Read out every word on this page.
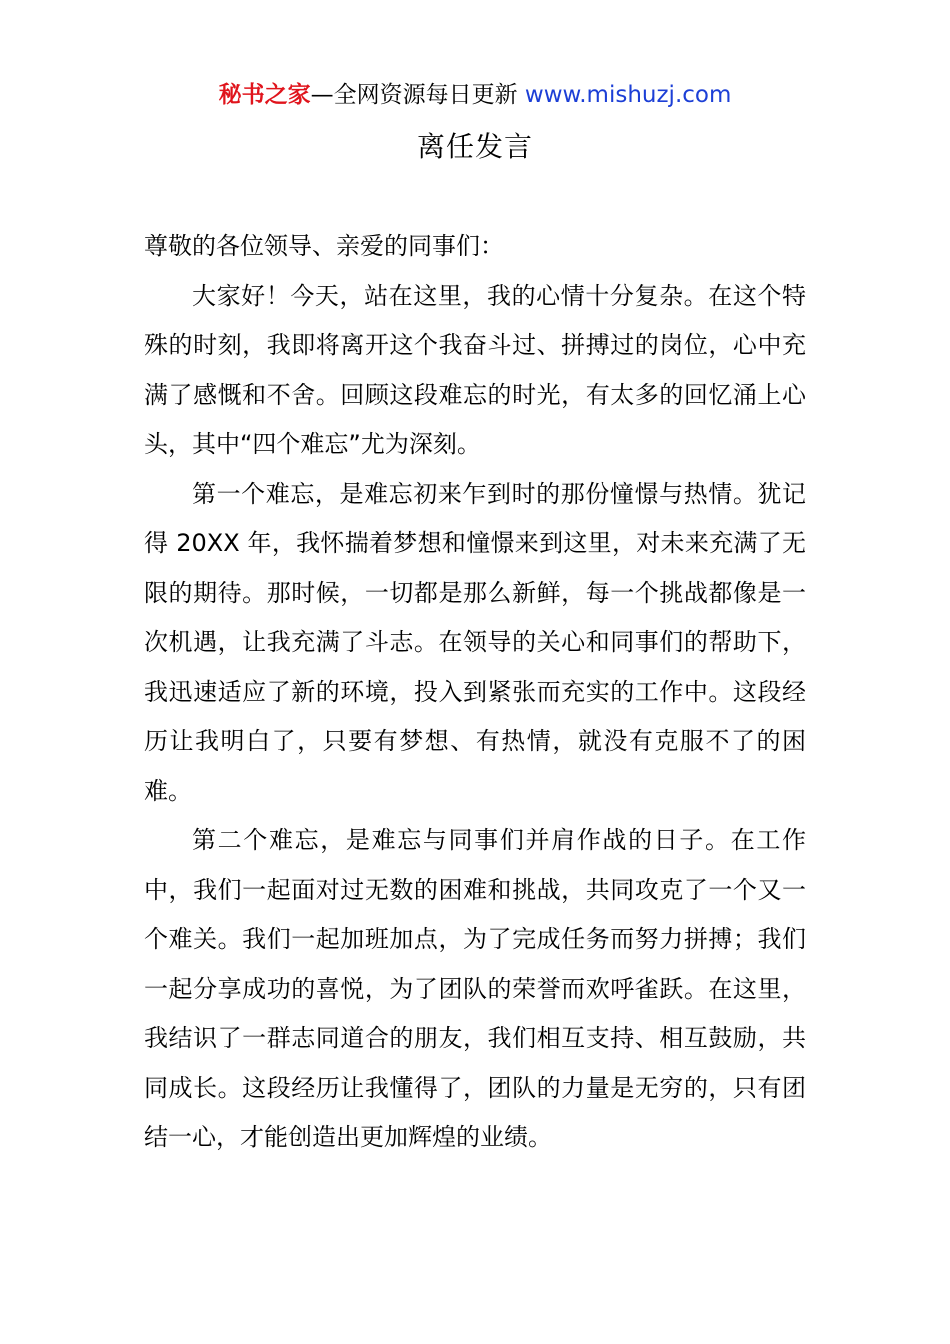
秘书之家—全网资源每日更新 www.mishuzj.com
离任发言

尊敬的各位领导、亲爱的同事们：

大家好！今天，站在这里，我的心情十分复杂。在这个特殊的时刻，我即将离开这个我奋斗过、拼搏过的岗位，心中充满了感慨和不舍。回顾这段难忘的时光，有太多的回忆涌上心头，其中“四个难忘”尤为深刻。

第一个难忘，是难忘初来乍到时的那份憧憬与热情。犹记得 20XX 年，我怀揣着梦想和憧憬来到这里，对未来充满了无限的期待。那时候，一切都是那么新鲜，每一个挑战都像是一次机遇，让我充满了斗志。在领导的关心和同事们的帮助下，我迅速适应了新的环境，投入到紧张而充实的工作中。这段经历让我明白了，只要有梦想、有热情，就没有克服不了的困难。

第二个难忘，是难忘与同事们并肩作战的日子。在工作中，我们一起面对过无数的困难和挑战，共同攻克了一个又一个难关。我们一起加班加点，为了完成任务而努力拼搏；我们一起分享成功的喜悦，为了团队的荣誉而欢呼雀跃。在这里，我结识了一群志同道合的朋友，我们相互支持、相互鼓励，共同成长。这段经历让我懂得了，团队的力量是无穷的，只有团结一心，才能创造出更加辉煌的业绩。
